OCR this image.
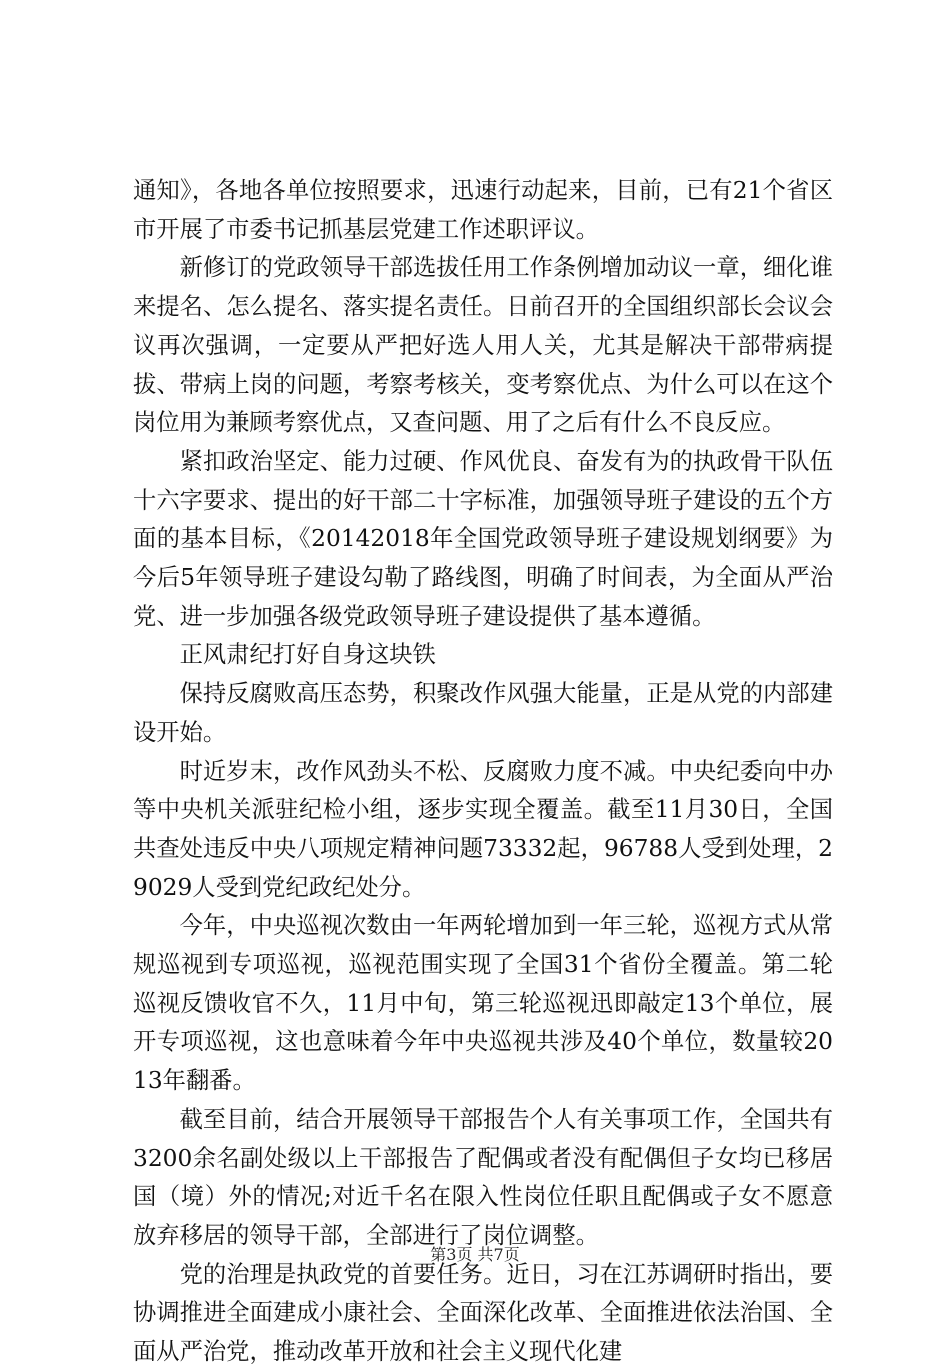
通知》，各地各单位按照要求，迅速行动起来，目前，已有21个省区市开展了市委书记抓基层党建工作述职评议。

新修订的党政领导干部选拔任用工作条例增加动议一章，细化谁来提名、怎么提名、落实提名责任。日前召开的全国组织部长会议会议再次强调，一定要从严把好选人用人关，尤其是解决干部带病提拔、带病上岗的问题，考察考核关，变考察优点、为什么可以在这个岗位用为兼顾考察优点，又查问题、用了之后有什么不良反应。

紧扣政治坚定、能力过硬、作风优良、奋发有为的执政骨干队伍十六字要求、提出的好干部二十字标准，加强领导班子建设的五个方面的基本目标，《20142018年全国党政领导班子建设规划纲要》为今后5年领导班子建设勾勒了路线图，明确了时间表，为全面从严治党、进一步加强各级党政领导班子建设提供了基本遵循。

正风肃纪打好自身这块铁

保持反腐败高压态势，积聚改作风强大能量，正是从党的内部建设开始。

时近岁末，改作风劲头不松、反腐败力度不减。中央纪委向中办等中央机关派驻纪检小组，逐步实现全覆盖。截至11月30日，全国共查处违反中央八项规定精神问题73332起，96788人受到处理，29029人受到党纪政纪处分。

今年，中央巡视次数由一年两轮增加到一年三轮，巡视方式从常规巡视到专项巡视，巡视范围实现了全国31个省份全覆盖。第二轮巡视反馈收官不久，11月中旬，第三轮巡视迅即敲定13个单位，展开专项巡视，这也意味着今年中央巡视共涉及40个单位，数量较2013年翻番。

截至目前，结合开展领导干部报告个人有关事项工作，全国共有3200余名副处级以上干部报告了配偶或者没有配偶但子女均已移居国（境）外的情况;对近千名在限入性岗位任职且配偶或子女不愿意放弃移居的领导干部，全部进行了岗位调整。

党的治理是执政党的首要任务。近日，习在江苏调研时指出，要协调推进全面建成小康社会、全面深化改革、全面推进依法治国、全面从严治党，推动改革开放和社会主义现代化建

第3页 共7页
